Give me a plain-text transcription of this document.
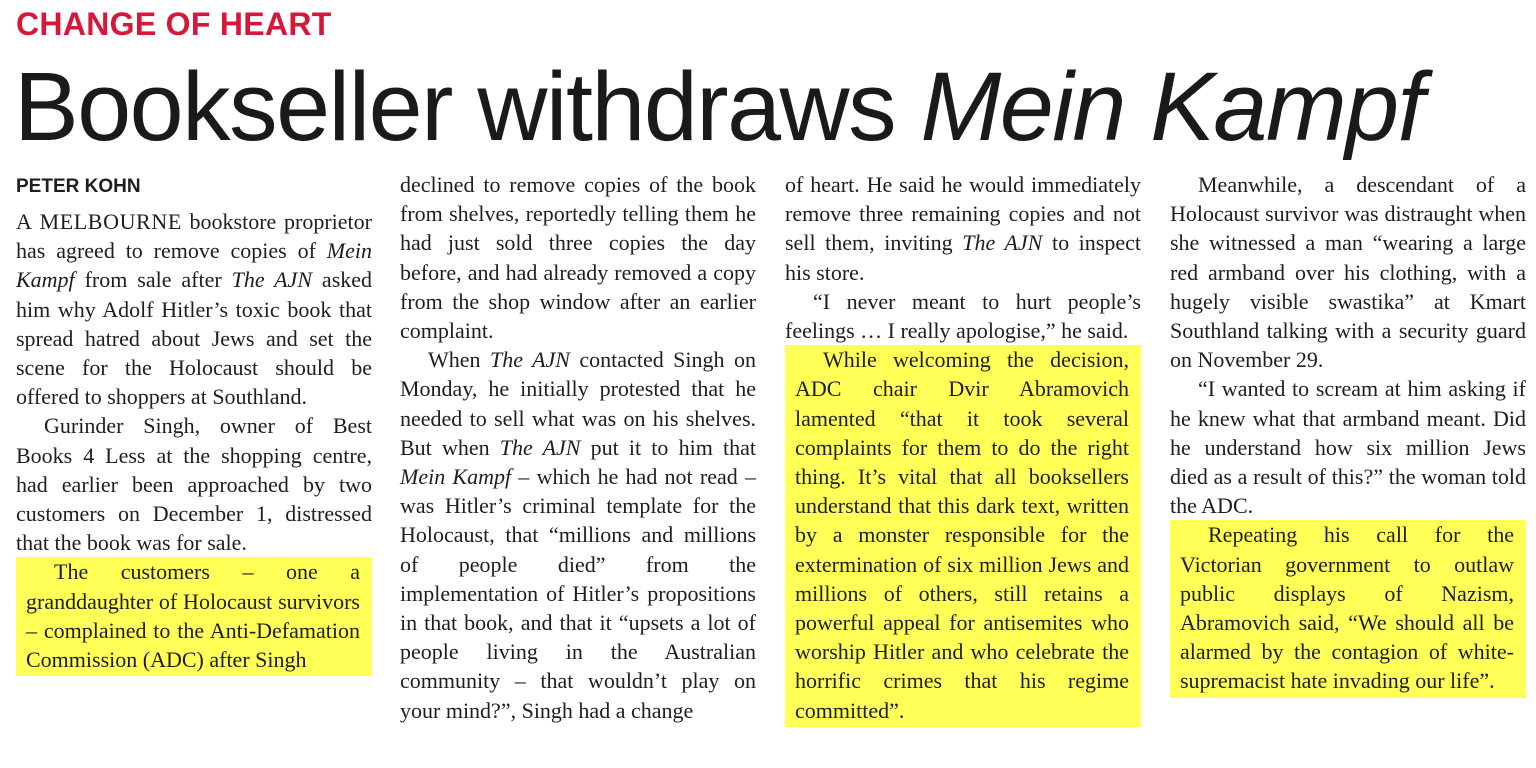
CHANGE OF HEART
Bookseller withdraws Mein Kampf
PETER KOHN

A MELBOURNE bookstore proprietor has agreed to remove copies of Mein Kampf from sale after The AJN asked him why Adolf Hitler’s toxic book that spread hatred about Jews and set the scene for the Holocaust should be offered to shoppers at Southland.

Gurinder Singh, owner of Best Books 4 Less at the shopping centre, had earlier been approached by two customers on December 1, distressed that the book was for sale.

The customers – one a granddaughter of Holocaust survivors – complained to the Anti-Defamation Commission (ADC) after Singh

declined to remove copies of the book from shelves, reportedly telling them he had just sold three copies the day before, and had already removed a copy from the shop window after an earlier complaint.

When The AJN contacted Singh on Monday, he initially protested that he needed to sell what was on his shelves. But when The AJN put it to him that Mein Kampf – which he had not read – was Hitler’s criminal template for the Holocaust, that “millions and millions of people died” from the implementation of Hitler’s propositions in that book, and that it “upsets a lot of people living in the Australian community – that wouldn’t play on your mind?”, Singh had a change

of heart. He said he would immediately remove three remaining copies and not sell them, inviting The AJN to inspect his store.

“I never meant to hurt people’s feelings … I really apologise,” he said.

While welcoming the decision, ADC chair Dvir Abramovich lamented “that it took several complaints for them to do the right thing. It’s vital that all booksellers understand that this dark text, written by a monster responsible for the extermination of six million Jews and millions of others, still retains a powerful appeal for antisemites who worship Hitler and who celebrate the horrific crimes that his regime committed”.

Meanwhile, a descendant of a Holocaust survivor was distraught when she witnessed a man “wearing a large red armband over his clothing, with a hugely visible swastika” at Kmart Southland talking with a security guard on November 29.

“I wanted to scream at him asking if he knew what that armband meant. Did he understand how six million Jews died as a result of this?” the woman told the ADC.

Repeating his call for the Victorian government to outlaw public displays of Nazism, Abramovich said, “We should all be alarmed by the contagion of white-supremacist hate invading our life”.
